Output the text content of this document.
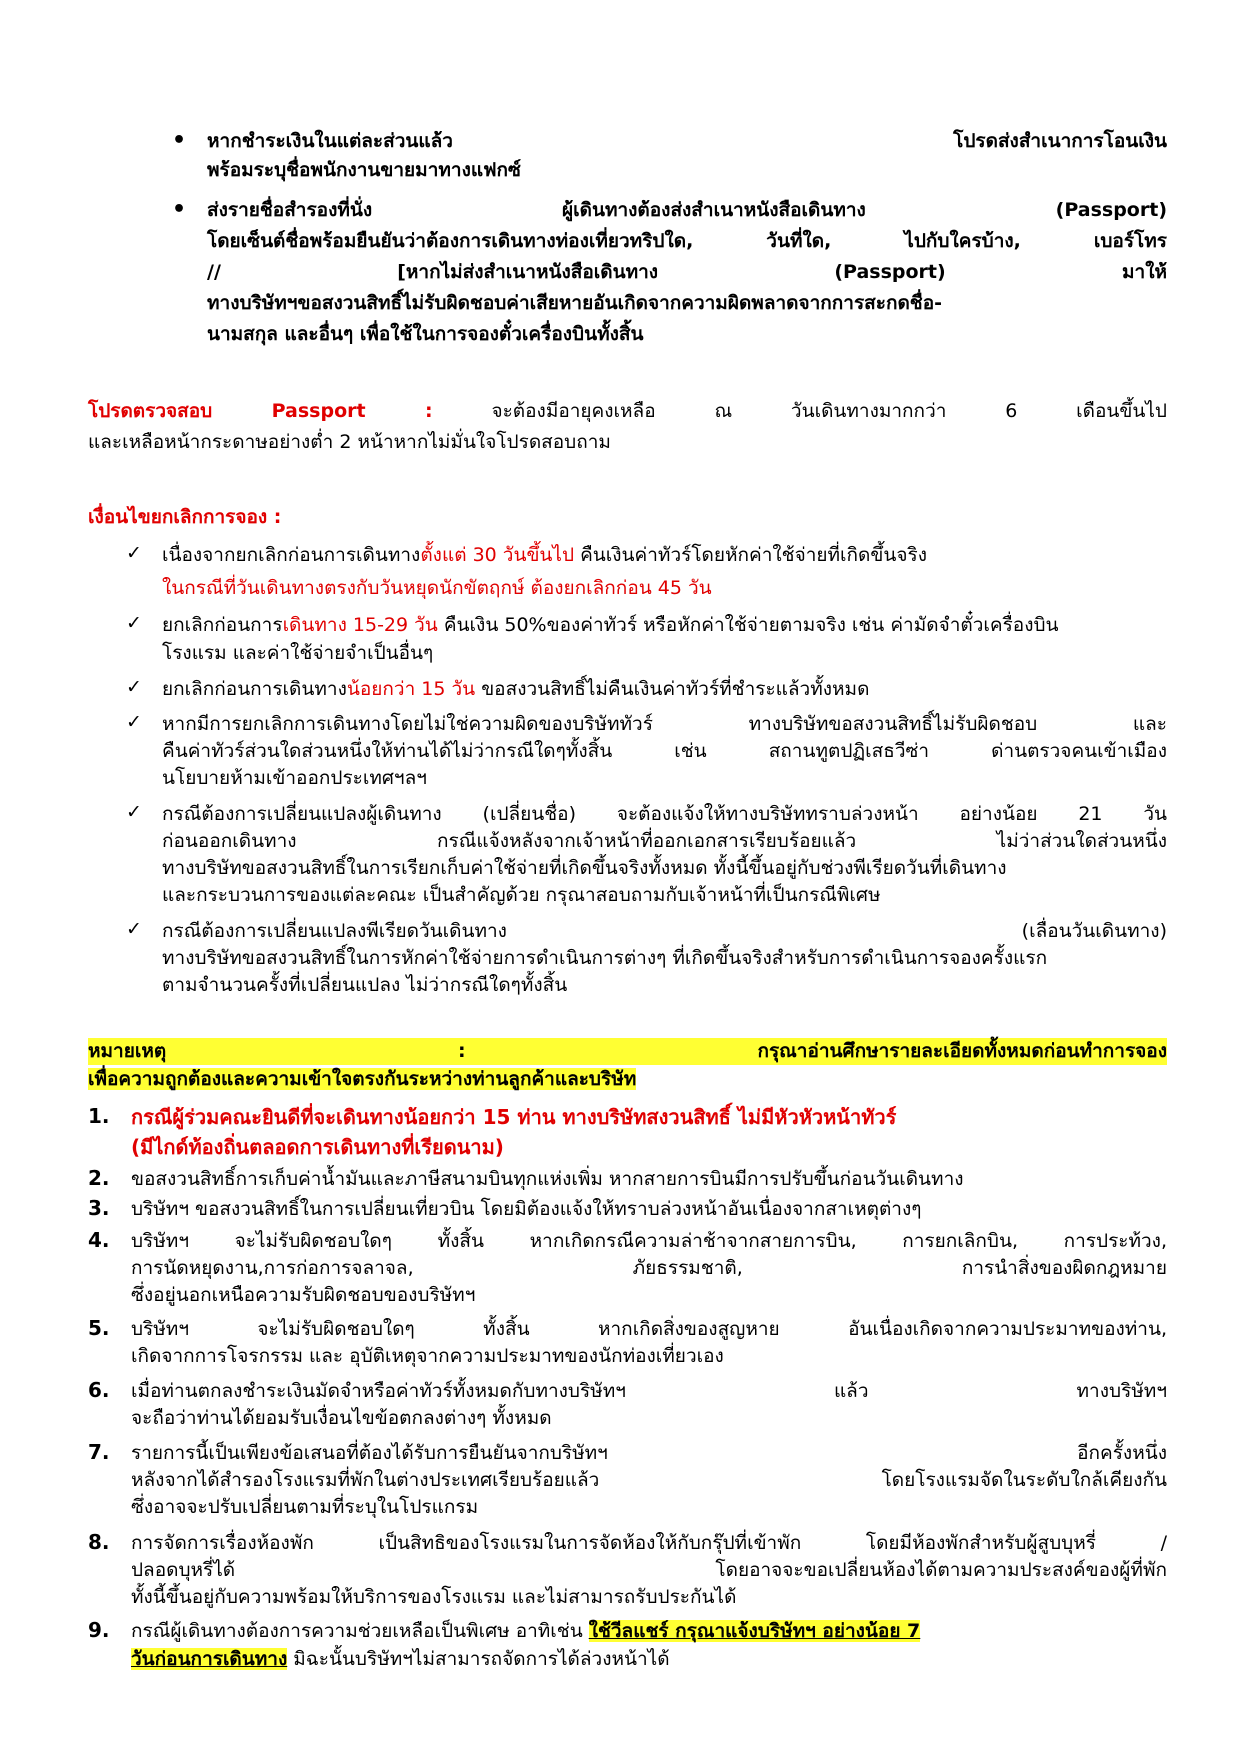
• หากชำระเงินในแต่ละส่วนแล้ว โปรดส่งสำเนาการโอนเงิน
พร้อมระบุชื่อพนักงานขายมาทางแฟกซ์
• ส่งรายชื่อสำรองที่นั่ง ผู้เดินทางต้องส่งสำเนาหนังสือเดินทาง (Passport)
โดยเซ็นต์ชื่อพร้อมยืนยันว่าต้องการเดินทางท่องเที่ยวทริปใด, วันที่ใด, ไปกับใครบ้าง, เบอร์โทร
// [หากไม่ส่งสำเนาหนังสือเดินทาง (Passport) มาให้
ทางบริษัทฯขอสงวนสิทธิ์ไม่รับผิดชอบค่าเสียหายอันเกิดจากความผิดพลาดจากการสะกดชื่อ-
นามสกุล และอื่นๆ เพื่อใช้ในการจองตั๋วเครื่องบินทั้งสิ้น
โปรดตรวจสอบ Passport :	จะต้องมีอายุคงเหลือ ณ วันเดินทางมากกว่า 6 เดือนขึ้นไป
และเหลือหน้ากระดาษอย่างต่ำ 2 หน้าหากไม่มั่นใจโปรดสอบถาม
เงื่อนไขยกเลิกการจอง :
✓ เนื่องจากยกเลิกก่อนการเดินทางตั้งแต่ 30 วันขึ้นไป คืนเงินค่าทัวร์โดยหักค่าใช้จ่ายที่เกิดขึ้นจริง
ในกรณีที่วันเดินทางตรงกับวันหยุดนักขัตฤกษ์ ต้องยกเลิกก่อน 45 วัน
✓ ยกเลิกก่อนการเดินทาง 15-29 วัน คืนเงิน 50%ของค่าทัวร์ หรือหักค่าใช้จ่ายตามจริง เช่น ค่ามัดจำตั๋วเครื่องบิน
โรงแรม และค่าใช้จ่ายจำเป็นอื่นๆ
✓ ยกเลิกก่อนการเดินทางน้อยกว่า 15 วัน ขอสงวนสิทธิ์ไม่คืนเงินค่าทัวร์ที่ชำระแล้วทั้งหมด
✓ หากมีการยกเลิกการเดินทางโดยไม่ใช่ความผิดของบริษัททัวร์ ทางบริษัทขอสงวนสิทธิ์ไม่รับผิดชอบ และ
คืนค่าทัวร์ส่วนใดส่วนหนึ่งให้ท่านได้ไม่ว่ากรณีใดๆทั้งสิ้น เช่น สถานทูตปฏิเสธวีซ่า ด่านตรวจคนเข้าเมือง
นโยบายห้ามเข้าออกประเทศฯลฯ
✓ กรณีต้องการเปลี่ยนแปลงผู้เดินทาง (เปลี่ยนชื่อ) จะต้องแจ้งให้ทางบริษัททราบล่วงหน้า อย่างน้อย 21 วัน
ก่อนออกเดินทาง กรณีแจ้งหลังจากเจ้าหน้าที่ออกเอกสารเรียบร้อยแล้ว ไม่ว่าส่วนใดส่วนหนึ่ง
ทางบริษัทขอสงวนสิทธิ์ในการเรียกเก็บค่าใช้จ่ายที่เกิดขึ้นจริงทั้งหมด ทั้งนี้ขึ้นอยู่กับช่วงพีเรียดวันที่เดินทาง
และกระบวนการของแต่ละคณะ เป็นสำคัญด้วย กรุณาสอบถามกับเจ้าหน้าที่เป็นกรณีพิเศษ
✓ กรณีต้องการเปลี่ยนแปลงพีเรียดวันเดินทาง (เลื่อนวันเดินทาง)
ทางบริษัทขอสงวนสิทธิ์ในการหักค่าใช้จ่ายการดำเนินการต่างๆ ที่เกิดขึ้นจริงสำหรับการดำเนินการจองครั้งแรก
ตามจำนวนครั้งที่เปลี่ยนแปลง ไม่ว่ากรณีใดๆทั้งสิ้น
หมายเหตุ : กรุณาอ่านศึกษารายละเอียดทั้งหมดก่อนทำการจอง
เพื่อความถูกต้องและความเข้าใจตรงกันระหว่างท่านลูกค้าและบริษัท
1. กรณีผู้ร่วมคณะยินดีที่จะเดินทางน้อยกว่า 15 ท่าน ทางบริษัทสงวนสิทธิ์ ไม่มีหัวหัวหน้าทัวร์
(มีไกด์ท้องถิ่นตลอดการเดินทางที่เรียดนาม)
2. ขอสงวนสิทธิ์การเก็บค่าน้ำมันและภาษีสนามบินทุกแห่งเพิ่ม หากสายการบินมีการปรับขึ้นก่อนวันเดินทาง
3. บริษัทฯ ขอสงวนสิทธิ์ในการเปลี่ยนเที่ยวบิน โดยมิต้องแจ้งให้ทราบล่วงหน้าอันเนื่องจากสาเหตุต่างๆ
4. บริษัทฯ จะไม่รับผิดชอบใดๆ ทั้งสิ้น หากเกิดกรณีความล่าช้าจากสายการบิน, การยกเลิกบิน, การประท้วง,
การนัดหยุดงาน,การก่อการจลาจล, ภัยธรรมชาติ, การนำสิ่งของผิดกฎหมาย
ซึ่งอยู่นอกเหนือความรับผิดชอบของบริษัทฯ
5. บริษัทฯ จะไม่รับผิดชอบใดๆ ทั้งสิ้น หากเกิดสิ่งของสูญหาย อันเนื่องเกิดจากความประมาทของท่าน,
เกิดจากการโจรกรรม และ อุบัติเหตุจากความประมาทของนักท่องเที่ยวเอง
6. เมื่อท่านตกลงชำระเงินมัดจำหรือค่าทัวร์ทั้งหมดกับทางบริษัทฯ แล้ว ทางบริษัทฯ
จะถือว่าท่านได้ยอมรับเงื่อนไขข้อตกลงต่างๆ ทั้งหมด
7. รายการนี้เป็นเพียงข้อเสนอที่ต้องได้รับการยืนยันจากบริษัทฯ อีกครั้งหนึ่ง
หลังจากได้สำรองโรงแรมที่พักในต่างประเทศเรียบร้อยแล้ว โดยโรงแรมจัดในระดับใกล้เคียงกัน
ซึ่งอาจจะปรับเปลี่ยนตามที่ระบุในโปรแกรม
8. การจัดการเรื่องห้องพัก เป็นสิทธิของโรงแรมในการจัดห้องให้กับกรุ๊ปที่เข้าพัก โดยมีห้องพักสำหรับผู้สูบบุหรี่ /
ปลอดบุหรี่ได้ โดยอาจจะขอเปลี่ยนห้องได้ตามความประสงค์ของผู้ที่พัก
ทั้งนี้ขึ้นอยู่กับความพร้อมให้บริการของโรงแรม และไม่สามารถรับประกันได้
9. กรณีผู้เดินทางต้องการความช่วยเหลือเป็นพิเศษ อาทิเช่น ใช้วีลแชร์ กรุณาแจ้งบริษัทฯ อย่างน้อย 7
วันก่อนการเดินทาง มิฉะนั้นบริษัทฯไม่สามารถจัดการได้ล่วงหน้าได้
